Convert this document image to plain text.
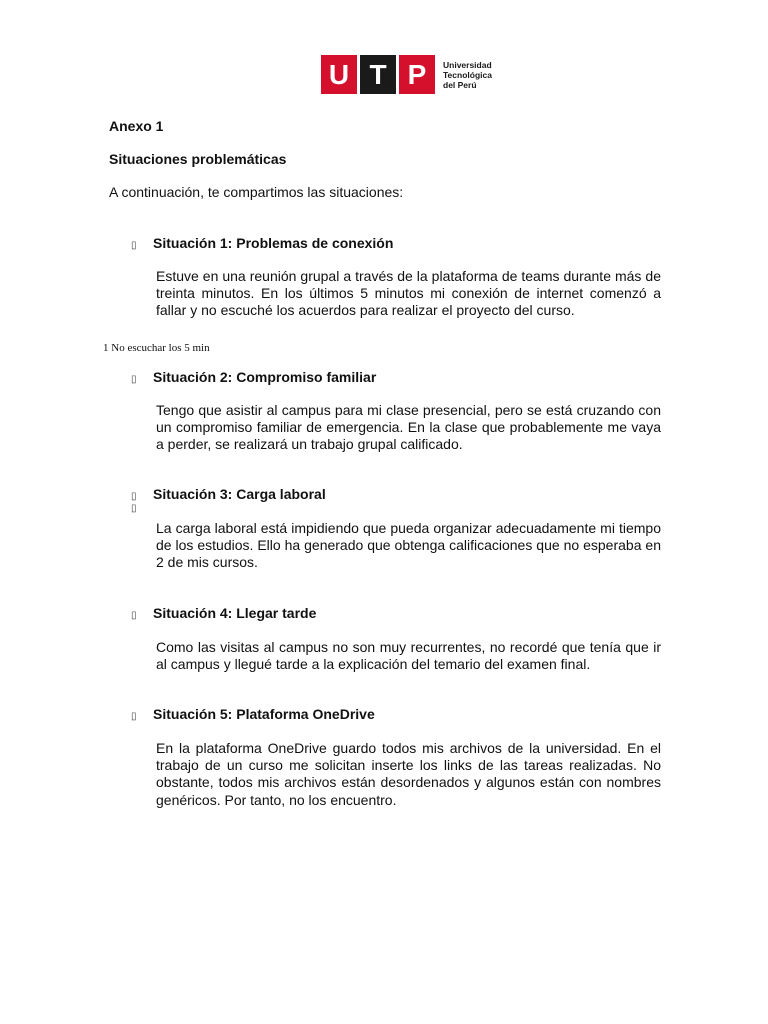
U T P	Universidad
Tecnológica
del Perú
Anexo 1
Situaciones problemáticas
A continuación, te compartimos las situaciones:
▯	Situación 1: Problemas de conexión
Estuve en una reunión grupal a través de la plataforma de teams durante más de treinta minutos. En los últimos 5 minutos mi conexión de internet comenzó a fallar y no escuché los acuerdos para realizar el proyecto del curso.
1 No escuchar los 5 min
▯	Situación 2: Compromiso familiar
Tengo que asistir al campus para mi clase presencial, pero se está cruzando con un compromiso familiar de emergencia. En la clase que probablemente me vaya a perder, se realizará un trabajo grupal calificado.
▯	Situación 3: Carga laboral
▯
La carga laboral está impidiendo que pueda organizar adecuadamente mi tiempo de los estudios. Ello ha generado que obtenga calificaciones que no esperaba en 2 de mis cursos.
▯	Situación 4: Llegar tarde
Como las visitas al campus no son muy recurrentes, no recordé que tenía que ir al campus y llegué tarde a la explicación del temario del examen final.
▯	Situación 5: Plataforma OneDrive
En la plataforma OneDrive guardo todos mis archivos de la universidad. En el trabajo de un curso me solicitan inserte los links de las tareas realizadas. No obstante, todos mis archivos están desordenados y algunos están con nombres genéricos. Por tanto, no los encuentro.
